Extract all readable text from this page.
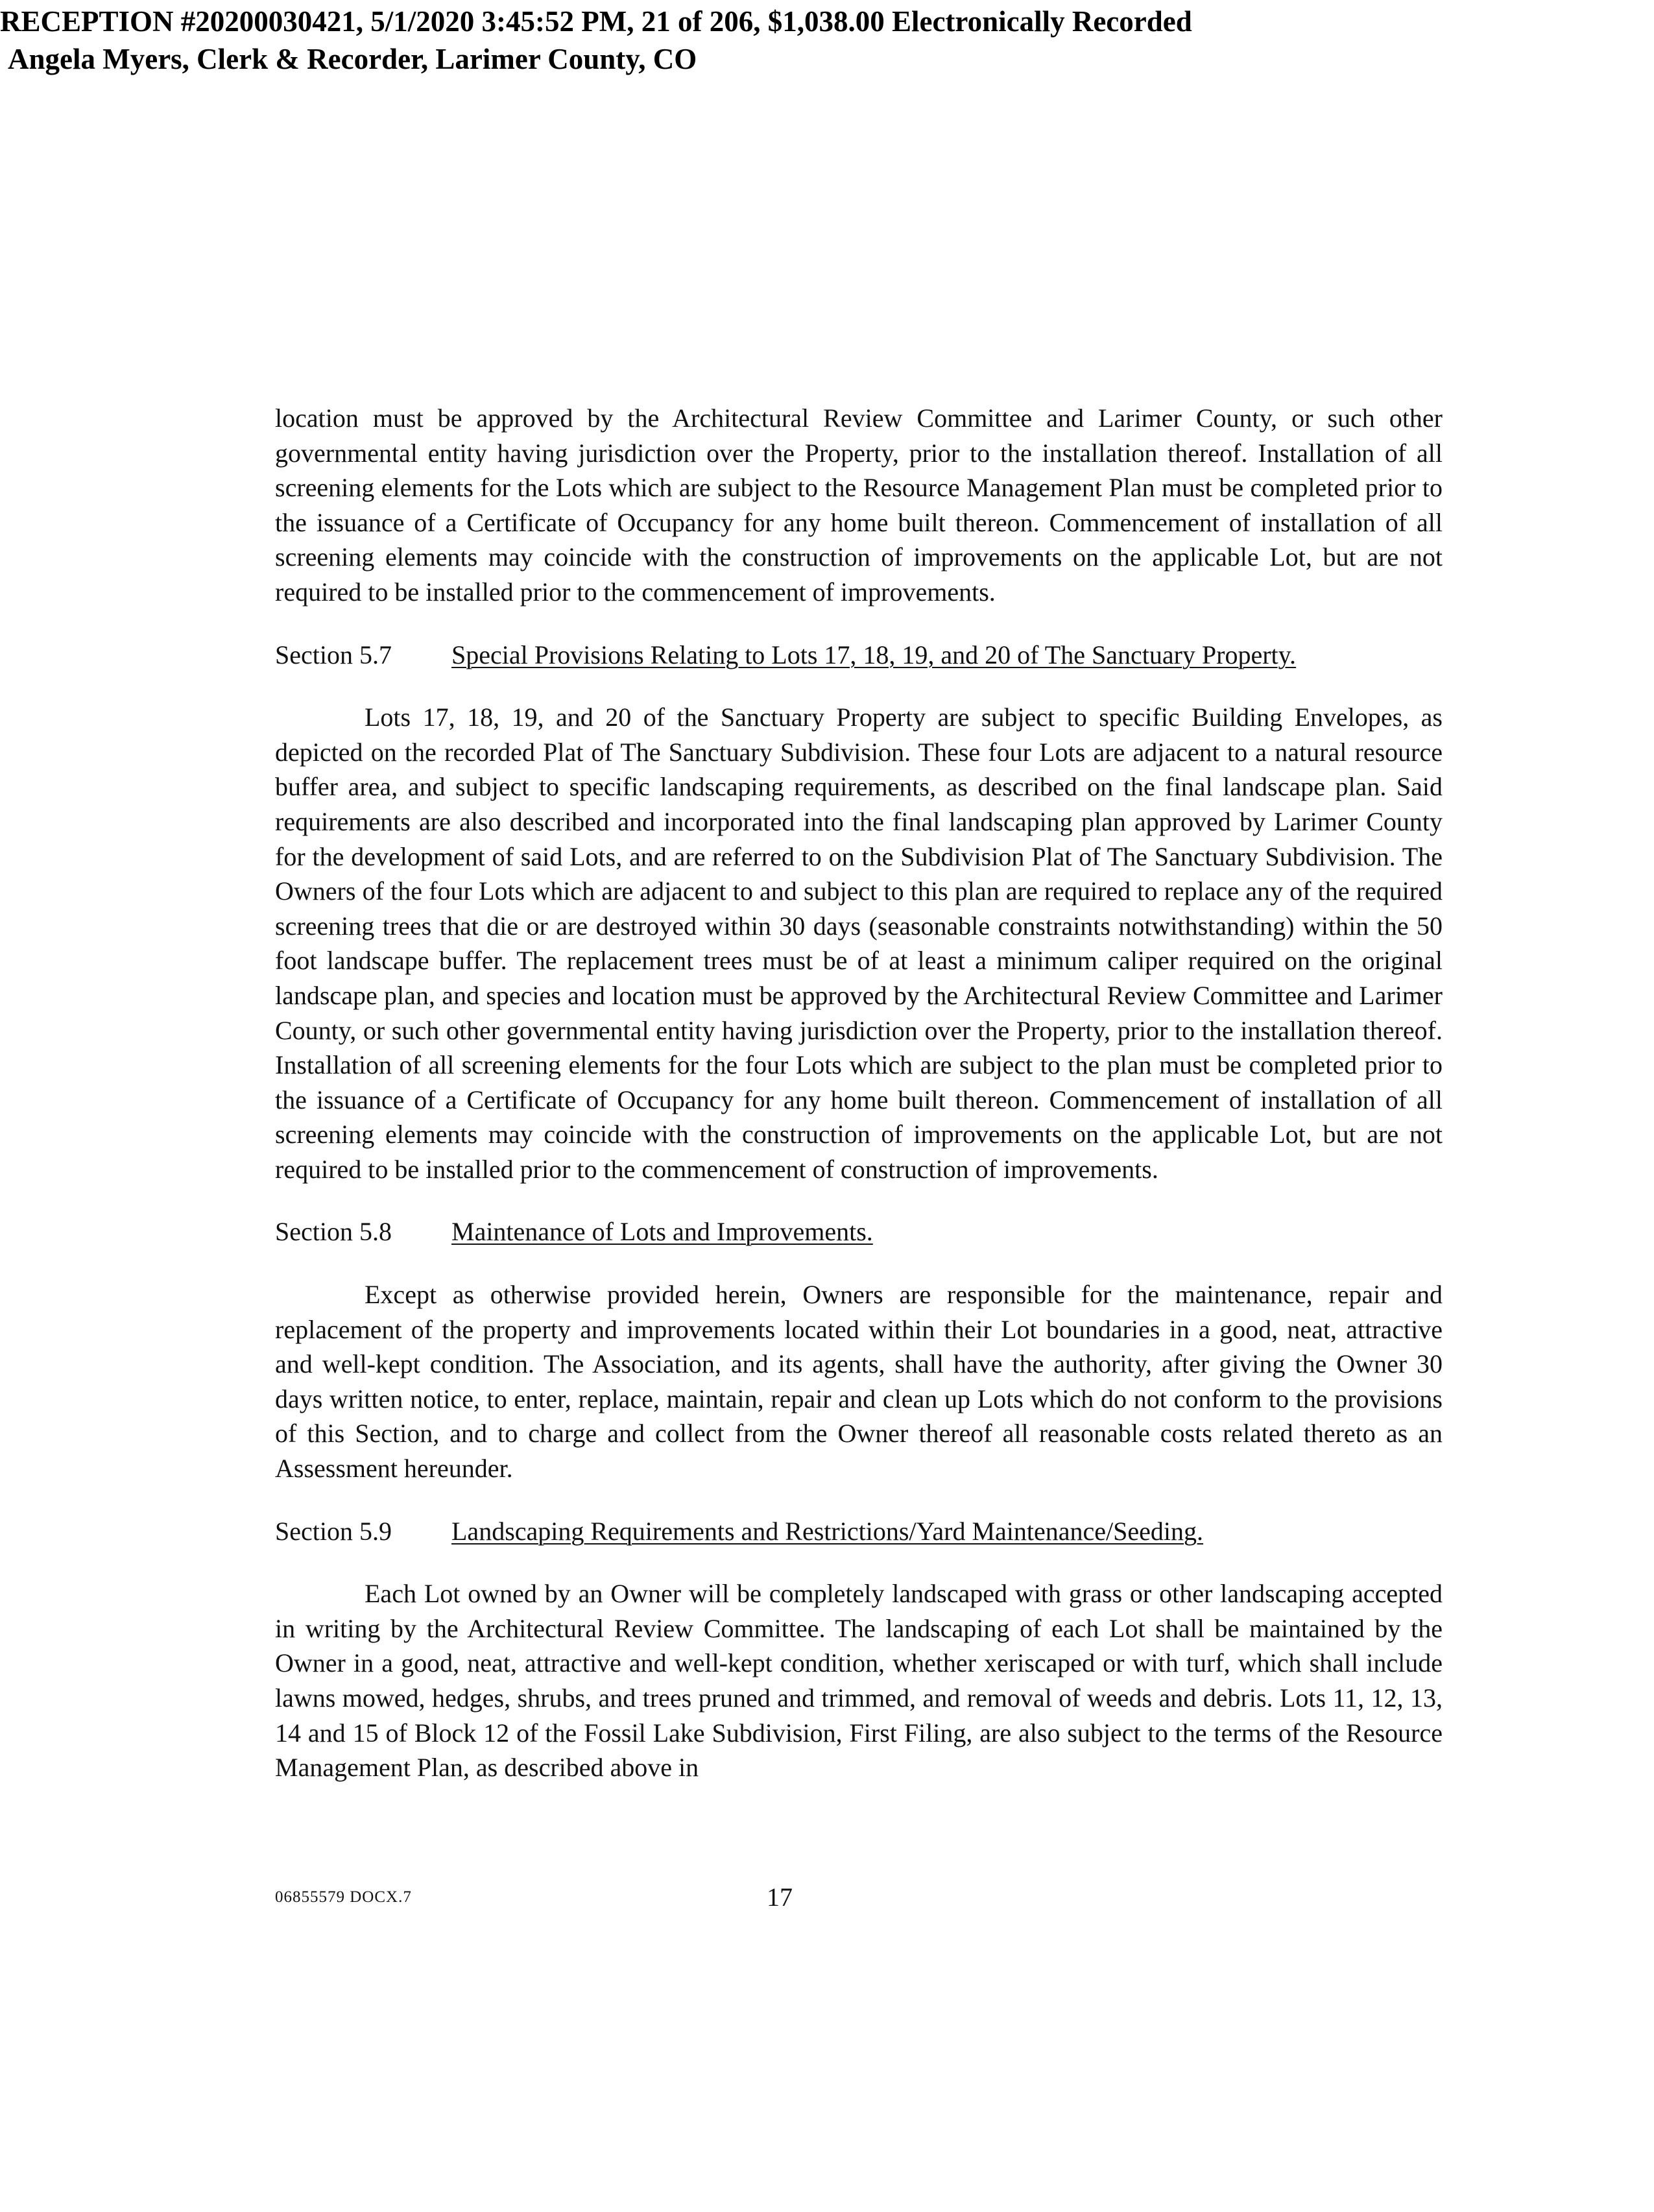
RECEPTION #20200030421, 5/1/2020 3:45:52 PM, 21 of 206, $1,038.00 Electronically Recorded
Angela Myers, Clerk & Recorder, Larimer County, CO

location must be approved by the Architectural Review Committee and Larimer County, or such other governmental entity having jurisdiction over the Property, prior to the installation thereof. Installation of all screening elements for the Lots which are subject to the Resource Management Plan must be completed prior to the issuance of a Certificate of Occupancy for any home built thereon. Commencement of installation of all screening elements may coincide with the construction of improvements on the applicable Lot, but are not required to be installed prior to the commencement of improvements.

Section 5.7	Special Provisions Relating to Lots 17, 18, 19, and 20 of The Sanctuary Property.

Lots 17, 18, 19, and 20 of the Sanctuary Property are subject to specific Building Envelopes, as depicted on the recorded Plat of The Sanctuary Subdivision. These four Lots are adjacent to a natural resource buffer area, and subject to specific landscaping requirements, as described on the final landscape plan. Said requirements are also described and incorporated into the final landscaping plan approved by Larimer County for the development of said Lots, and are referred to on the Subdivision Plat of The Sanctuary Subdivision. The Owners of the four Lots which are adjacent to and subject to this plan are required to replace any of the required screening trees that die or are destroyed within 30 days (seasonable constraints notwithstanding) within the 50 foot landscape buffer. The replacement trees must be of at least a minimum caliper required on the original landscape plan, and species and location must be approved by the Architectural Review Committee and Larimer County, or such other governmental entity having jurisdiction over the Property, prior to the installation thereof. Installation of all screening elements for the four Lots which are subject to the plan must be completed prior to the issuance of a Certificate of Occupancy for any home built thereon. Commencement of installation of all screening elements may coincide with the construction of improvements on the applicable Lot, but are not required to be installed prior to the commencement of construction of improvements.

Section 5.8	Maintenance of Lots and Improvements.

Except as otherwise provided herein, Owners are responsible for the maintenance, repair and replacement of the property and improvements located within their Lot boundaries in a good, neat, attractive and well-kept condition. The Association, and its agents, shall have the authority, after giving the Owner 30 days written notice, to enter, replace, maintain, repair and clean up Lots which do not conform to the provisions of this Section, and to charge and collect from the Owner thereof all reasonable costs related thereto as an Assessment hereunder.

Section 5.9	Landscaping Requirements and Restrictions/Yard Maintenance/Seeding.

Each Lot owned by an Owner will be completely landscaped with grass or other landscaping accepted in writing by the Architectural Review Committee. The landscaping of each Lot shall be maintained by the Owner in a good, neat, attractive and well-kept condition, whether xeriscaped or with turf, which shall include lawns mowed, hedges, shrubs, and trees pruned and trimmed, and removal of weeds and debris. Lots 11, 12, 13, 14 and 15 of Block 12 of the Fossil Lake Subdivision, First Filing, are also subject to the terms of the Resource Management Plan, as described above in

06855579 DOCX.7	17
